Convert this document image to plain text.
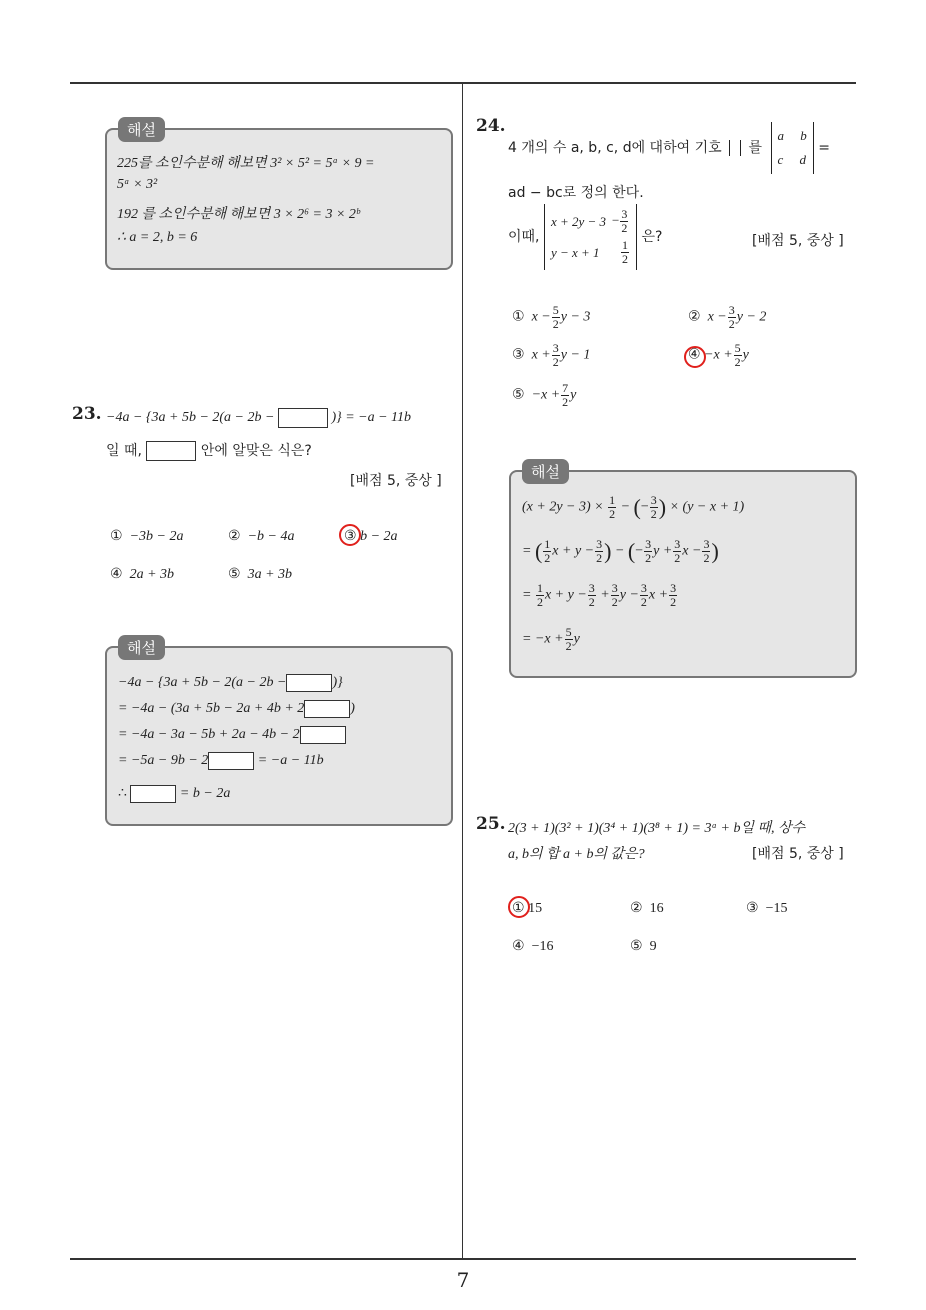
해설
225를 소인수분해 해보면 3² × 5² = 5ᵃ × 9 =
5ᵃ × 3²
192 를 소인수분해 해보면 3 × 2⁶ = 3 × 2ᵇ
∴ a = 2, b = 6
23. −4a − {3a + 5b − 2(a − 2b −	)} = −a − 11b
일 때,	안에 알맞은 식은?
[배점 5, 중상 ]
① −3b − 2a	② −b − 4a	③ b − 2a
④ 2a + 3b	⑤ 3a + 3b
해설
−4a − {3a + 5b − 2(a − 2b −	)}
= −4a − (3a + 5b − 2a + 4b + 2	)
= −4a − 3a − 5b + 2a − 4b − 2
= −5a − 9b − 2	= −a − 11b
∴	= b − 2a
24.
4 개의 수 a, b, c, d에 대하여 기호 를 a b
c d =
ad − bc로 정의 한다.
이때,
x + 2y − 3	− $\frac{3}{2}$

y − x + 1	$\frac{1}{2}$
은?	[배점 5, 중상 ]
① $x - \frac{5}{2}$ y − 3	② $x - \frac{3}{2}$ y − 2
③ $x + \frac{3}{2}$ y − 1	④ $-x + \frac{5}{2}$ y
⑤ $-x + \frac{7}{2}$ y
해설
$(x + 2y - 3) \times \frac{1}{2}$ − (− $\frac{3}{2}$ ) × (y − x + 1)
= ( $\frac{1}{2}$ $x + y - \frac{3}{2}$ ) − (− $\frac{3}{2}$ $y + \frac{3}{2}$ $x - \frac{3}{2}$ )
= $\frac{1}{2}$ $x + y - \frac{3}{2} + \frac{3}{2}$ $y - \frac{3}{2}$ $x + \frac{3}{2}$
= $-x + \frac{5}{2}$ y
25. 2(3 + 1)(3² + 1)(3⁴ + 1)(3⁸ + 1) = 3ᵃ + b일 때, 상수
a, b의 합 a + b의 값은?	[배점 5, 중상 ]
① 15	② 16	③ −15
④ −16	⑤ 9
7
